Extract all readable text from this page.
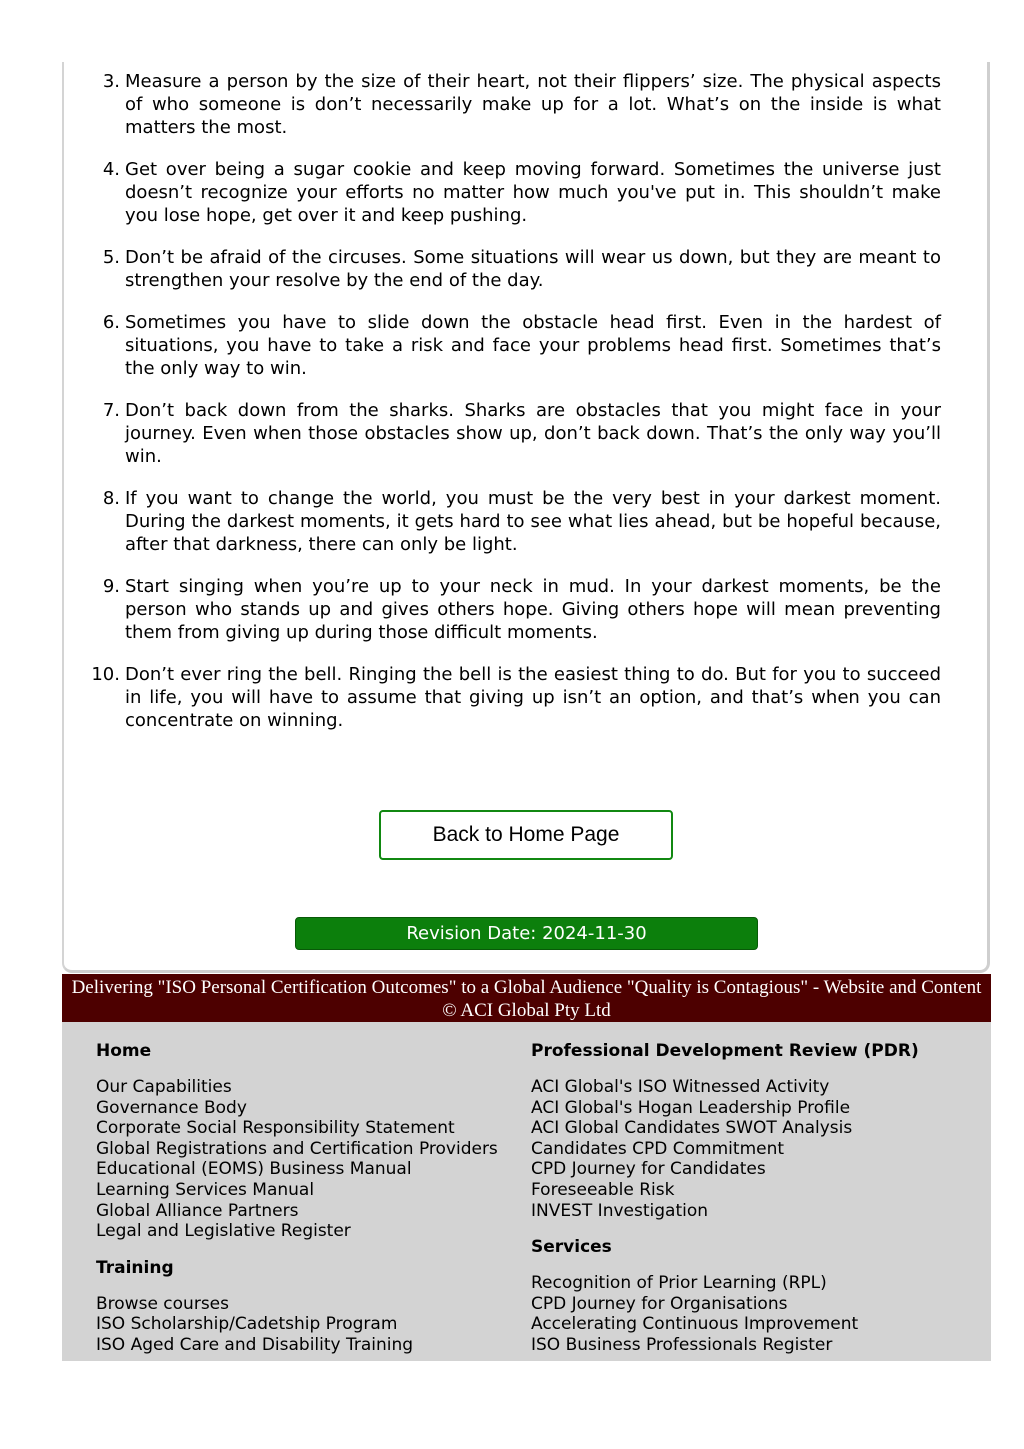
3. Measure a person by the size of their heart, not their flippers’ size. The physical aspects of who someone is don’t necessarily make up for a lot. What’s on the inside is what matters the most.
4. Get over being a sugar cookie and keep moving forward. Sometimes the universe just doesn’t recognize your efforts no matter how much you've put in. This shouldn’t make you lose hope, get over it and keep pushing.
5. Don’t be afraid of the circuses. Some situations will wear us down, but they are meant to strengthen your resolve by the end of the day.
6. Sometimes you have to slide down the obstacle head first. Even in the hardest of situations, you have to take a risk and face your problems head first. Sometimes that’s the only way to win.
7. Don’t back down from the sharks. Sharks are obstacles that you might face in your journey. Even when those obstacles show up, don’t back down. That’s the only way you’ll win.
8. If you want to change the world, you must be the very best in your darkest moment. During the darkest moments, it gets hard to see what lies ahead, but be hopeful because, after that darkness, there can only be light.
9. Start singing when you’re up to your neck in mud. In your darkest moments, be the person who stands up and gives others hope. Giving others hope will mean preventing them from giving up during those difficult moments.
10. Don’t ever ring the bell. Ringing the bell is the easiest thing to do. But for you to succeed in life, you will have to assume that giving up isn’t an option, and that’s when you can concentrate on winning.
Back to Home Page
Revision Date: 2024-11-30
Delivering "ISO Personal Certification Outcomes" to a Global Audience "Quality is Contagious" - Website and Content © ACI Global Pty Ltd
Home
Our Capabilities
Governance Body
Corporate Social Responsibility Statement
Global Registrations and Certification Providers
Educational (EOMS) Business Manual
Learning Services Manual
Global Alliance Partners
Legal and Legislative Register
Training
Browse courses
ISO Scholarship/Cadetship Program
ISO Aged Care and Disability Training
Professional Development Review (PDR)
ACI Global's ISO Witnessed Activity
ACI Global's Hogan Leadership Profile
ACI Global Candidates SWOT Analysis
Candidates CPD Commitment
CPD Journey for Candidates
Foreseeable Risk
INVEST Investigation
Services
Recognition of Prior Learning (RPL)
CPD Journey for Organisations
Accelerating Continuous Improvement
ISO Business Professionals Register
